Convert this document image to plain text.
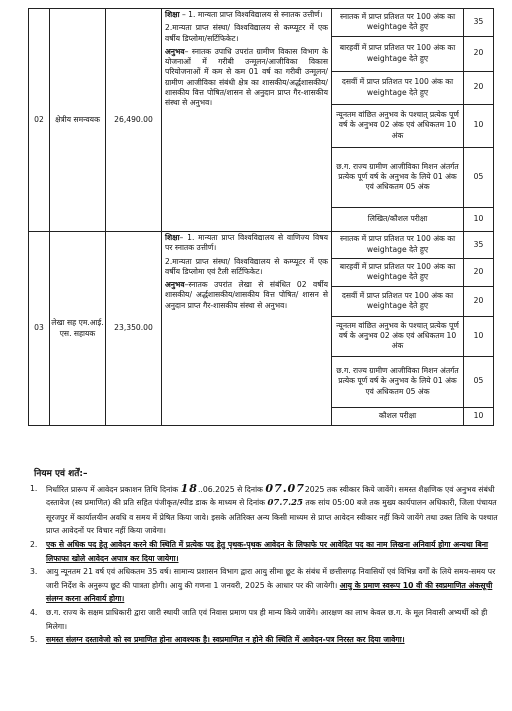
02	क्षेत्रीय समन्वयक	26,490.00	

शिक्षा – 1. मान्यता प्राप्त विश्वविद्यालय से स्नातक उत्तीर्ण।

2.मान्यता प्राप्त संस्था/ विश्वविद्यालय से कम्प्यूटर में एक वर्षीय डिप्लोमा/सर्टिफिकेट।

अनुभव– स्नातक उपाधि उपरांत ग्रामीण विकास विभाग के योजनाओं में गरीबी उन्मूलन/आजीविका विकास परियोजनाओं में कम से कम 01 वर्ष का गरीबी उन्मूलन/ग्रामीण आजीविका संबंधी क्षेत्र का शासकीय/अर्द्धशासकीय/ शासकीय वित्त पोषित/शासन से अनुदान प्राप्त गैर-शासकीय संस्था से अनुभव।

स्नातक में प्राप्त प्रतिशत पर 100 अंक का weightage देते हुए	35
बारहवीं में प्राप्त प्रतिशत पर 100 अंक का weightage देते हुए	20
दसवीं में प्राप्त प्रतिशत पर 100 अंक का weightage देते हुए	20
न्यूनतम वांछित अनुभव के पश्चात् प्रत्येक पूर्ण वर्ष के अनुभव 02 अंक एवं अधिकतम 10 अंक	10
छ.ग. राज्य ग्रामीण आजीविका मिशन अंतर्गत प्रत्येक पूर्ण वर्ष के अनुभव के लिये 01 अंक एवं अधिकतम 05 अंक	05
लिखित/कौशल परीक्षा	10

03	लेखा सह एम.आई. एस. सहायक	23,350.00	

शिक्षा– 1. मान्यता प्राप्त विश्वविद्यालय से वाणिज्य विषय पर स्नातक उत्तीर्ण।

2.मान्यता प्राप्त संस्था/ विश्वविद्यालय से कम्प्यूटर में एक वर्षीय डिप्लोमा एवं टैली सर्टिफिकेट।

अनुभव–स्नातक उपरांत लेखा से संबंधित 02 वर्षीय शासकीय/ अर्द्धशासकीय/शासकीय वित्त पोषित/ शासन से अनुदान प्राप्त गैर-शासकीय संस्था से अनुभव।

स्नातक में प्राप्त प्रतिशत पर 100 अंक का weightage देते हुए	35
बारहवीं में प्राप्त प्रतिशत पर 100 अंक का weightage देते हुए	20
दसवीं में प्राप्त प्रतिशत पर 100 अंक का weightage देते हुए	20
न्यूनतम वांछित अनुभव के पश्चात् प्रत्येक पूर्ण वर्ष के अनुभव 02 अंक एवं अधिकतम 10 अंक	10
छ.ग. राज्य ग्रामीण आजीविका मिशन अंतर्गत प्रत्येक पूर्ण वर्ष के अनुभव के लिये 01 अंक एवं अधिकतम 05 अंक	05
कौशल परीक्षा	10

नियम एवं शर्तें:–

1. निर्धारित प्रारूप में आवेदन प्रकाशन तिथि दिनांक 18..06.2025 से दिनांक 07.072025 तक स्वीकार किये जावेंगे। समस्त शैक्षणिक एवं अनुभव संबंधी दस्तावेज (स्व प्रमाणित) की प्रति सहित पंजीकृत/स्पीड डाक के माध्यम से दिनांक 07.7.25 तक सांय 05:00 बजे तक मुख्य कार्यपालन अधिकारी, जिला पंचायत सूरजपुर में कार्यालयीन अवधि व समय में प्रेषित किया जावे। इसके अतिरिक्त अन्य किसी माध्यम से प्राप्त आवेदन स्वीकार नहीं किये जायेंगे तथा उक्त तिथि के पश्चात प्राप्त आवेदनों पर विचार नहीं किया जावेगा।

2. एक से अधिक पद हेतु आवेदन करने की स्थिति में प्रत्येक पद हेतु पृथक-पृथक आवेदन के लिफाफे पर आवेदित पद का नाम लिखना अनिवार्य होगा अन्यथा बिना लिफाफा खोले आवेदन अपात्र कर दिया जायेगा।

3. आयु न्यूनतम 21 वर्ष एवं अधिकतम 35 वर्ष। सामान्य प्रशासन विभाग द्वारा आयु सीमा छूट के संबंध में छत्तीसगढ़ निवासियों एवं विभिन्न वर्गों के लिये समय-समय पर जारी निर्देश के अनुरूप छूट की पात्रता होगी। आयु की गणना 1 जनवरी, 2025 के आधार पर की जायेगी। आयु के प्रमाण स्वरूप 10 वी की स्वप्रमाणित अंकसूची संलग्न करना अनिवार्य होगा।

4. छ.ग. राज्य के सक्षम प्राधिकारी द्वारा जारी स्थायी जाति एवं निवास प्रमाण पत्र ही मान्य किये जावेंगे। आरक्षण का लाभ केवल छ.ग. के मूल निवासी अभ्यर्थी को ही मिलेगा।

5. समस्त संलग्न दस्तावेजो को स्व प्रमाणित होना आवश्यक है। स्वप्रमाणित न होने की स्थिति में आवेदन-पत्र निरस्त कर दिया जावेगा।
